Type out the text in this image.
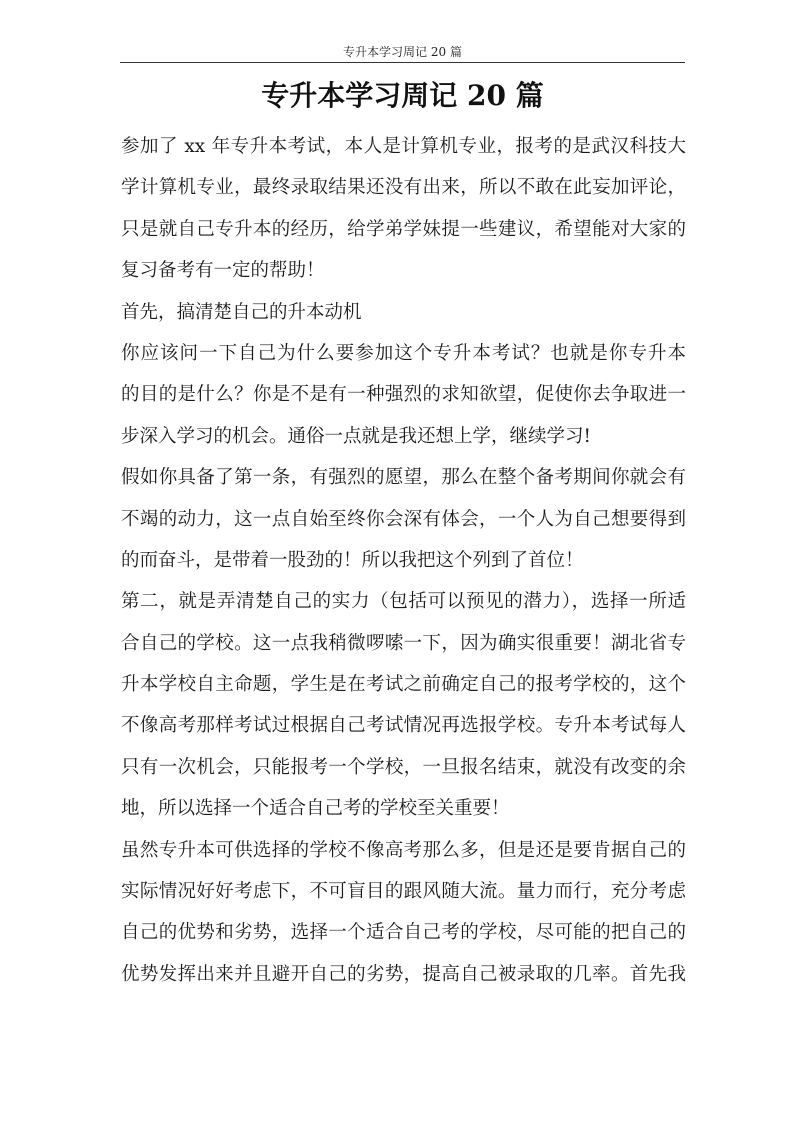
专升本学习周记 20 篇
专升本学习周记 20 篇
参加了 xx 年专升本考试，本人是计算机专业，报考的是武汉科技大
学计算机专业，最终录取结果还没有出来，所以不敢在此妄加评论，
只是就自己专升本的经历，给学弟学妹提一些建议，希望能对大家的
复习备考有一定的帮助！
首先，搞清楚自己的升本动机
你应该问一下自己为什么要参加这个专升本考试？也就是你专升本
的目的是什么？你是不是有一种强烈的求知欲望，促使你去争取进一
步深入学习的机会。通俗一点就是我还想上学，继续学习!
假如你具备了第一条，有强烈的愿望，那么在整个备考期间你就会有
不竭的动力，这一点自始至终你会深有体会，一个人为自己想要得到
的而奋斗，是带着一股劲的！所以我把这个列到了首位！
第二，就是弄清楚自己的实力（包括可以预见的潜力），选择一所适
合自己的学校。这一点我稍微啰嗦一下，因为确实很重要！湖北省专
升本学校自主命题，学生是在考试之前确定自己的报考学校的，这个
不像高考那样考试过根据自己考试情况再选报学校。专升本考试每人
只有一次机会，只能报考一个学校，一旦报名结束，就没有改变的余
地，所以选择一个适合自己考的学校至关重要！
虽然专升本可供选择的学校不像高考那么多，但是还是要肯据自己的
实际情况好好考虑下，不可盲目的跟风随大流。量力而行，充分考虑
自己的优势和劣势，选择一个适合自己考的学校，尽可能的把自己的
优势发挥出来并且避开自己的劣势，提高自己被录取的几率。首先我
